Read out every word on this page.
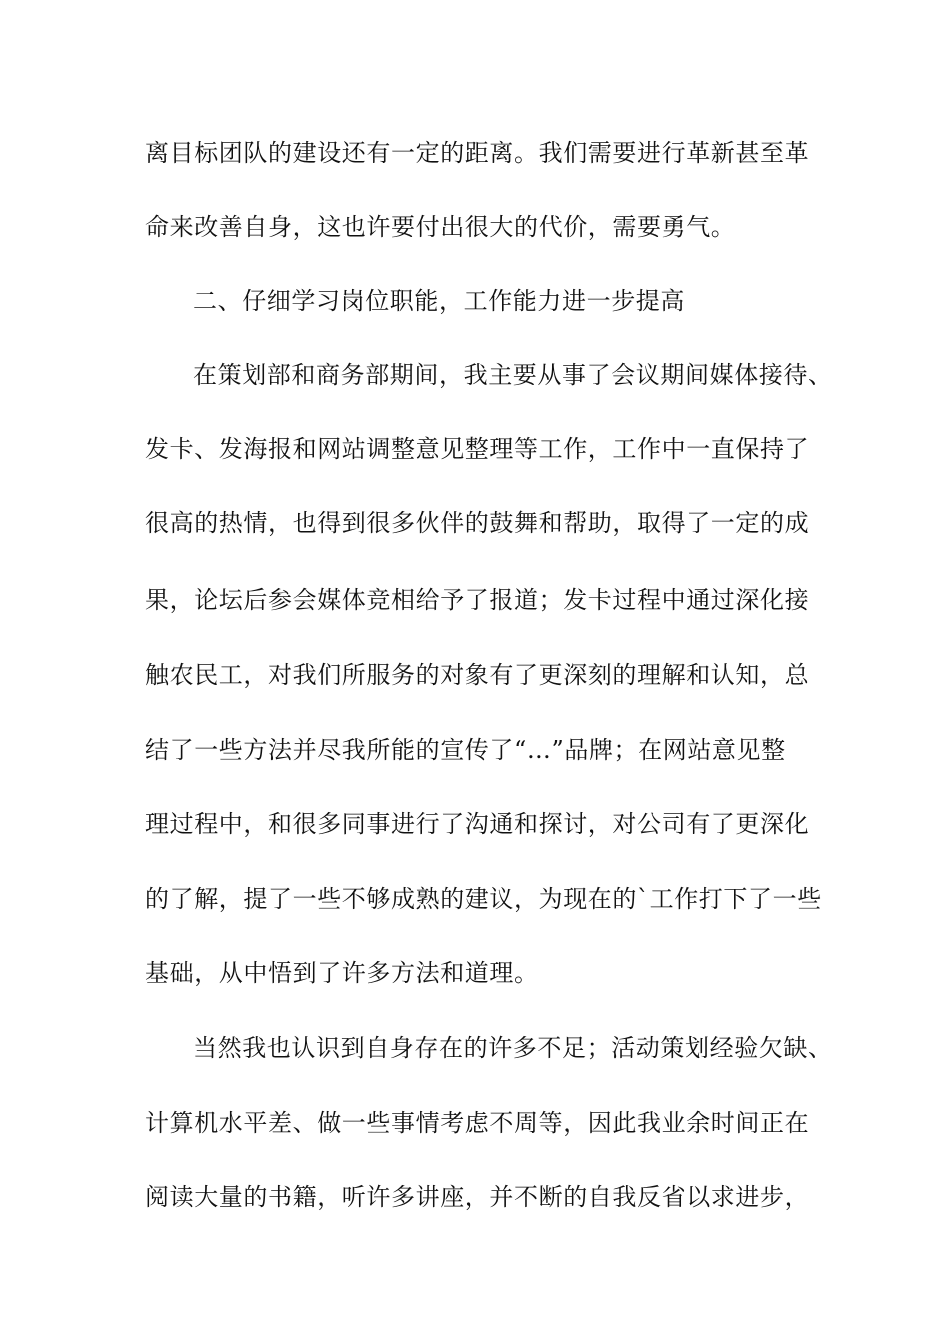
离目标团队的建设还有一定的距离。我们需要进行革新甚至革
命来改善自身，这也许要付出很大的代价，需要勇气。
二、仔细学习岗位职能，工作能力进一步提高
在策划部和商务部期间，我主要从事了会议期间媒体接待、
发卡、发海报和网站调整意见整理等工作，工作中一直保持了
很高的热情，也得到很多伙伴的鼓舞和帮助，取得了一定的成
果，论坛后参会媒体竞相给予了报道；发卡过程中通过深化接
触农民工，对我们所服务的对象有了更深刻的理解和认知，总
结了一些方法并尽我所能的宣传了“…”品牌；在网站意见整
理过程中，和很多同事进行了沟通和探讨，对公司有了更深化
的了解，提了一些不够成熟的建议，为现在的`工作打下了一些
基础，从中悟到了许多方法和道理。
当然我也认识到自身存在的许多不足；活动策划经验欠缺、
计算机水平差、做一些事情考虑不周等，因此我业余时间正在
阅读大量的书籍，听许多讲座，并不断的自我反省以求进步，
